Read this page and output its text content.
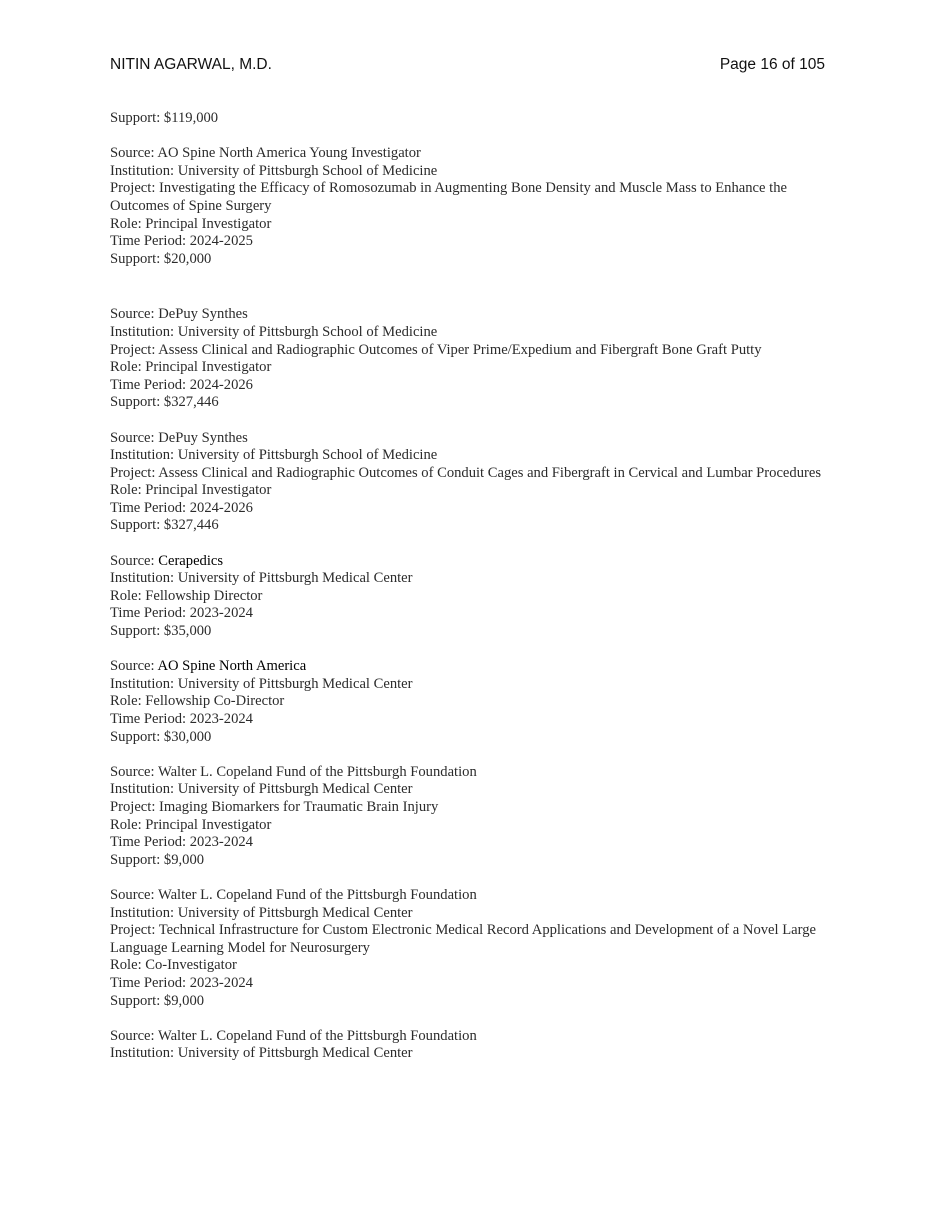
NITIN AGARWAL, M.D.	Page 16 of 105
Support: $119,000
Source: AO Spine North America Young Investigator
Institution: University of Pittsburgh School of Medicine
Project: Investigating the Efficacy of Romosozumab in Augmenting Bone Density and Muscle Mass to Enhance the Outcomes of Spine Surgery
Role: Principal Investigator
Time Period: 2024-2025
Support: $20,000
Source: DePuy Synthes
Institution: University of Pittsburgh School of Medicine
Project: Assess Clinical and Radiographic Outcomes of Viper Prime/Expedium and Fibergraft Bone Graft Putty
Role: Principal Investigator
Time Period: 2024-2026
Support: $327,446
Source: DePuy Synthes
Institution: University of Pittsburgh School of Medicine
Project: Assess Clinical and Radiographic Outcomes of Conduit Cages and Fibergraft in Cervical and Lumbar Procedures
Role: Principal Investigator
Time Period: 2024-2026
Support: $327,446
Source: Cerapedics
Institution: University of Pittsburgh Medical Center
Role: Fellowship Director
Time Period: 2023-2024
Support: $35,000
Source: AO Spine North America
Institution: University of Pittsburgh Medical Center
Role: Fellowship Co-Director
Time Period: 2023-2024
Support: $30,000
Source: Walter L. Copeland Fund of the Pittsburgh Foundation
Institution: University of Pittsburgh Medical Center
Project: Imaging Biomarkers for Traumatic Brain Injury
Role: Principal Investigator
Time Period: 2023-2024
Support: $9,000
Source: Walter L. Copeland Fund of the Pittsburgh Foundation
Institution: University of Pittsburgh Medical Center
Project: Technical Infrastructure for Custom Electronic Medical Record Applications and Development of a Novel Large Language Learning Model for Neurosurgery
Role: Co-Investigator
Time Period: 2023-2024
Support: $9,000
Source: Walter L. Copeland Fund of the Pittsburgh Foundation
Institution: University of Pittsburgh Medical Center
